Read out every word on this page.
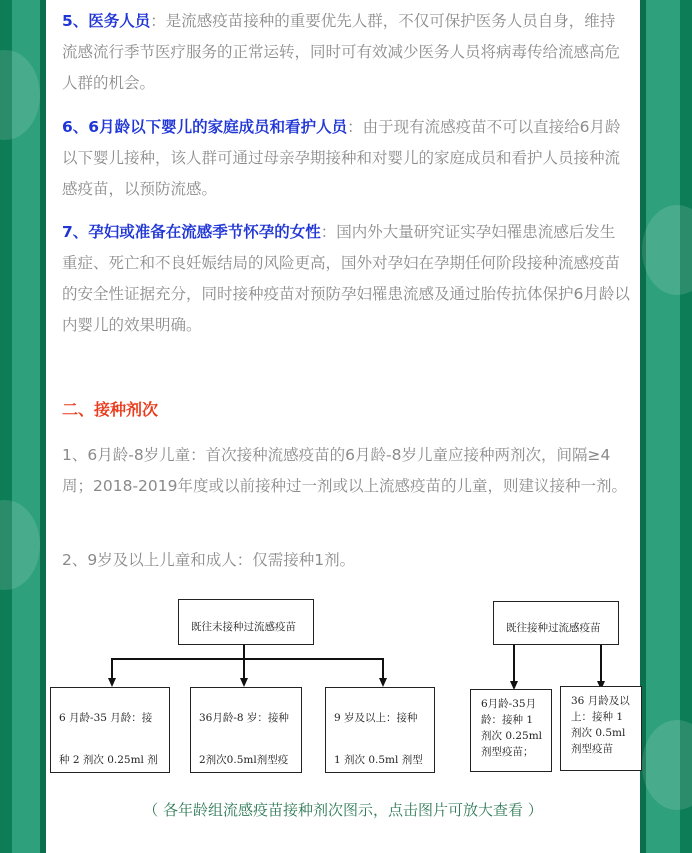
5、医务人员：是流感疫苗接种的重要优先人群，不仅可保护医务人员自身，维持流感流行季节医疗服务的正常运转，同时可有效减少医务人员将病毒传给流感高危人群的机会。

6、6月龄以下婴儿的家庭成员和看护人员：由于现有流感疫苗不可以直接给6月龄以下婴儿接种，该人群可通过母亲孕期接种和对婴儿的家庭成员和看护人员接种流感疫苗，以预防流感。

7、孕妇或准备在流感季节怀孕的女性：国内外大量研究证实孕妇罹患流感后发生重症、死亡和不良妊娠结局的风险更高，国外对孕妇在孕期任何阶段接种流感疫苗的安全性证据充分，同时接种疫苗对预防孕妇罹患流感及通过胎传抗体保护6月龄以内婴儿的效果明确。

二、接种剂次

1、6月龄-8岁儿童：首次接种流感疫苗的6月龄-8岁儿童应接种两剂次，间隔≥4周；2018-2019年度或以前接种过一剂或以上流感疫苗的儿童，则建议接种一剂。

2、9岁及以上儿童和成人：仅需接种1剂。

既往未接种过流感疫苗
6 月龄-35 月龄：接
种 2 剂次 0.25ml 剂
36月龄-8 岁：接种
2剂次0.5ml剂型疫
9 岁及以上：接种
1 剂次 0.5ml 剂型
既往接种过流感疫苗
6月龄-35月
龄：接种 1
剂次 0.25ml
剂型疫苗；
36 月龄及以
上：接种 1
剂次 0.5ml
剂型疫苗

（ 各年龄组流感疫苗接种剂次图示，点击图片可放大查看 ）
